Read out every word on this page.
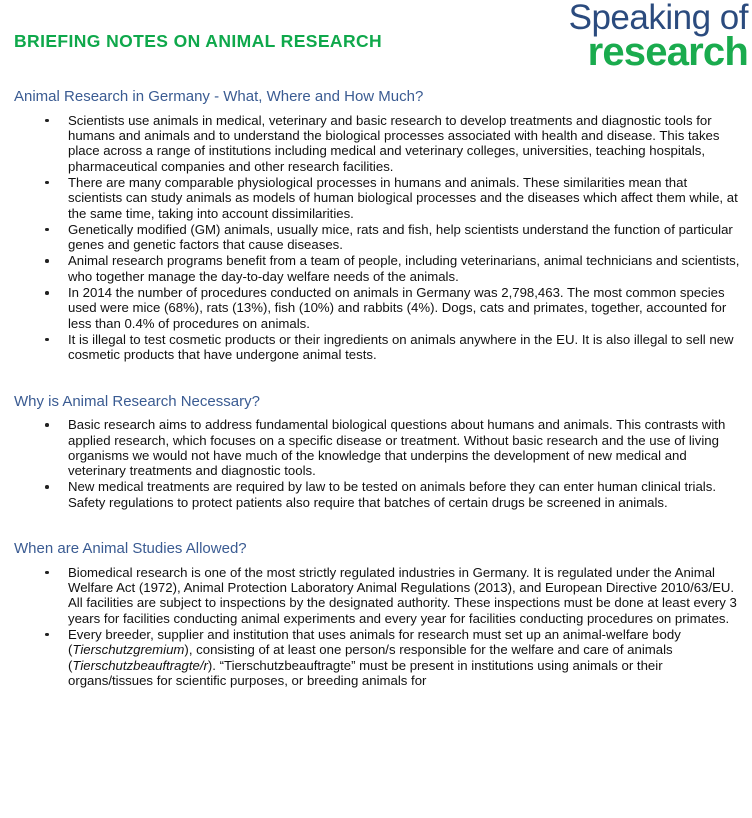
BRIEFING NOTES ON ANIMAL RESEARCH
Speaking of
research
Animal Research in Germany - What, Where and How Much?
Scientists use animals in medical, veterinary and basic research to develop treatments and diagnostic tools for humans and animals and to understand the biological processes associated with health and disease. This takes place across a range of institutions including medical and veterinary colleges, universities, teaching hospitals, pharmaceutical companies and other research facilities.
There are many comparable physiological processes in humans and animals. These similarities mean that scientists can study animals as models of human biological processes and the diseases which affect them while, at the same time, taking into account dissimilarities.
Genetically modified (GM) animals, usually mice, rats and fish, help scientists understand the function of particular genes and genetic factors that cause diseases.
Animal research programs benefit from a team of people, including veterinarians, animal technicians and scientists, who together manage the day-to-day welfare needs of the animals.
In 2014 the number of procedures conducted on animals in Germany was 2,798,463. The most common species used were mice (68%), rats (13%), fish (10%) and rabbits (4%). Dogs, cats and primates, together, accounted for less than 0.4% of procedures on animals.
It is illegal to test cosmetic products or their ingredients on animals anywhere in the EU. It is also illegal to sell new cosmetic products that have undergone animal tests.
Why is Animal Research Necessary?
Basic research aims to address fundamental biological questions about humans and animals. This contrasts with applied research, which focuses on a specific disease or treatment. Without basic research and the use of living organisms we would not have much of the knowledge that underpins the development of new medical and veterinary treatments and diagnostic tools.
New medical treatments are required by law to be tested on animals before they can enter human clinical trials. Safety regulations to protect patients also require that batches of certain drugs be screened in animals.
When are Animal Studies Allowed?
Biomedical research is one of the most strictly regulated industries in Germany. It is regulated under the Animal Welfare Act (1972), Animal Protection Laboratory Animal Regulations (2013), and European Directive 2010/63/EU. All facilities are subject to inspections by the designated authority. These inspections must be done at least every 3 years for facilities conducting animal experiments and every year for facilities conducting procedures on primates.
Every breeder, supplier and institution that uses animals for research must set up an animal-welfare body (Tierschutzgremium), consisting of at least one person/s responsible for the welfare and care of animals (Tierschutzbeauftragte/r). “Tierschutzbeauftragte” must be present in institutions using animals or their organs/tissues for scientific purposes, or breeding animals for
